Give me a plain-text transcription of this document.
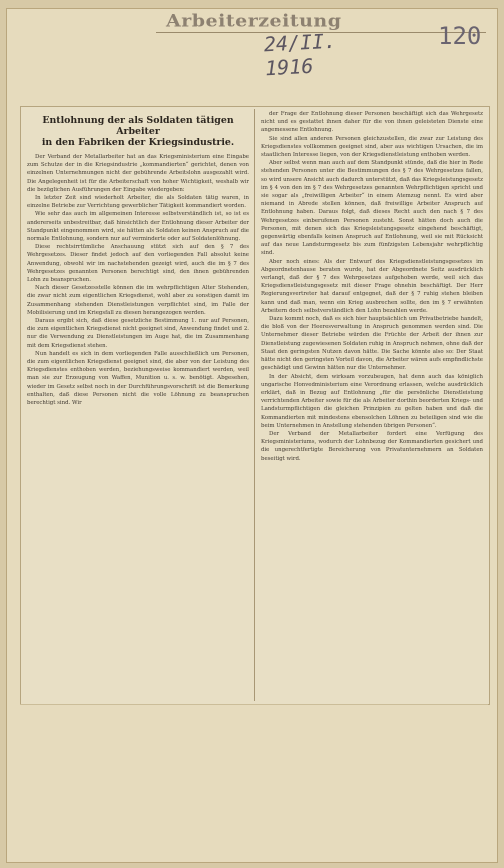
Arbeiterzeitung
24/II. 1916
120
Entlohnung der als Soldaten tätigen Arbeiter
in den Fabriken der Kriegsindustrie.

Der Verband der Metallarbeiter hat an das Kriegsministerium eine Eingabe zum Schutze der in die Kriegsindustrie „kommandierten“ gerichtet, denen von einzelnen Unternehmungen nicht der gebührende Arbeitslohn ausgezahlt wird. Die Angelegenheit ist für die Arbeiterschaft von hoher Wichtigkeit, weshalb wir die bezüglichen Ausführungen der Eingabe wiedergeben:

In letzter Zeit sind wiederholt Arbeiter, die als Soldaten tätig waren, in einzelne Betriebe zur Verrichtung gewerblicher Tätigkeit kommandiert worden.

Wie sehr das auch im allgemeinen Interesse selbstverständlich ist, so ist es andererseits unbestreitbar, daß hinsichtlich der Entlohnung dieser Arbeiter der Standpunkt eingenommen wird, sie hätten als Soldaten keinen Anspruch auf die normale Entlohnung, sondern nur auf verminderte oder auf Soldatenlöhnung.

Diese rechtsirrtümliche Anschauung stützt sich auf den § 7 des Wehrgesetzes. Dieser findet jedoch auf den vorliegenden Fall absolut keine Anwendung, obwohl wir im nachstehenden gezeigt wird, auch die im § 7 des Wehrgesetzes genannten Personen berechtigt sind, den ihnen gebührenden Lohn zu beanspruchen.

Nach dieser Gesetzesstelle können die im wehrpflichtigen Alter Stehenden, die zwar nicht zum eigentlichen Kriegsdienst, wohl aber zu sonstigen damit im Zusammenhang stehenden Dienstleistungen verpflichtet sind, im Falle der Mobilisierung und im Kriegsfall zu diesen herangezogen werden.

Daraus ergibt sich, daß diese gesetzliche Bestimmung 1. nur auf Personen, die zum eigentlichen Kriegsdienst nicht geeignet sind, Anwendung findet und 2. nur die Verwendung zu Dienstleistungen im Auge hat, die im Zusammenhang mit dem Kriegsdienst stehen.

Nun handelt es sich in dem vorliegenden Falle ausschließlich um Personen, die zum eigentlichen Kriegsdienst geeignet sind, die aber von der Leistung des Kriegsdienstes enthoben werden, beziehungsweise kommandiert werden, weil man sie zur Erzeugung von Waffen, Munition u. s. w. benötigt. Abgesehen, wieder im Gesetz selbst noch in der Durchführungsvorschrift ist die Bemerkung enthalten, daß diese Personen nicht die volle Löhnung zu beanspruchen berechtigt sind. Wir

der Frage der Entlohnung dieser Personen beschäftigt sich das Wehrgesetz nicht und es gestattet ihnen daher für die von ihnen geleisteten Dienste eine angemessene Entlohnung.

Sie sind allen anderen Personen gleichzustellen, die zwar zur Leistung des Kriegsdienstes vollkommen geeignet sind, aber aus wichtigen Ursachen, die im staatlichen Interesse liegen, von der Kriegsdienstleistung enthoben werden.

Aber selbst wenn man auch auf dem Standpunkt stünde, daß die hier in Rede stehenden Personen unter die Bestimmungen des § 7 des Wehrgesetzes fallen, so wird unsere Ansicht auch dadurch unterstützt, daß das Kriegsleistungsgesetz im § 4 von den im § 7 des Wehrgesetzes genannten Wehrpflichtigen spricht und sie sogar als „freiwilligen Arbeiter“ in einem Atemzug nennt. Es wird aber niemand in Abrede stellen können, daß freiwillige Arbeiter Anspruch auf Entlohnung haben. Daraus folgt, daß dieses Recht auch den nach § 7 des Wehrgesetzes einberufenen Personen zusteht. Sonst hätten doch auch die Personen, mit denen sich das Kriegsleistungsgesetz eingehend beschäftigt, gegenwärtig ebenfalls keinen Anspruch auf Entlohnung, weil sie mit Rücksicht auf das neue Landsturmgesetz bis zum fünfzigsten Lebensjahr wehrpflichtig sind.

Aber noch eines: Als der Entwurf des Kriegsdienstleistungsgesetzes im Abgeordnetenhause beraten wurde, hat der Abgeordnete Seitz ausdrücklich verlangt, daß der § 7 des Wehrgesetzes aufgehoben werde, weil sich das Kriegsdienstleistungsgesetz mit dieser Frage ohnehin beschäftigt. Der Herr Regierungsvertreter hat darauf entgegnet, daß der § 7 ruhig stehen bleiben kann und daß man, wenn ein Krieg ausbrechen sollte, den im § 7 erwähnten Arbeitern doch selbstverständlich den Lohn bezahlen werde.

Dazu kommt noch, daß es sich hier hauptsächlich um Privatbetriebe handelt, die bloß von der Heeresverwaltung in Anspruch genommen werden sind. Die Unternehmer dieser Betriebe würden die Früchte der Arbeit der ihnen zur Dienstleistung zugewiesenen Soldaten ruhig in Anspruch nehmen, ohne daß der Staat den geringsten Nutzen davon hätte. Die Sache könnte also so: Der Staat hätte nicht den geringsten Vorteil davon, die Arbeiter wären aufs empfindlichste geschädigt und Gewinn hätten nur die Unternehmer.

In der Absicht, dem wirksam vorzubeugen, hat denn auch das königlich ungarische Honvedministerium eine Verordnung erlassen, welche ausdrücklich erklärt, daß in Bezug auf Entlohnung „für die persönliche Dienstleistung verrichtenden Arbeiter sowie für die als Arbeiter dorthin beorderten Kriegs- und Landsturmpflichtigen die gleichen Prinzipien zu gelten haben und daß die Kommandierten mit mindestens ebensolchen Löhnen zu beteiligen sind wie die beim Unternehmen in Anstellung stehenden übrigen Personen“.

Der Verband der Metallarbeiter fordert eine Verfügung des Kriegsministeriums, wodurch der Lohnbezug der Kommandierten gesichert und die ungerechtfertigte Bereicherung von Privatunternehmern an Soldaten beseitigt wird.
